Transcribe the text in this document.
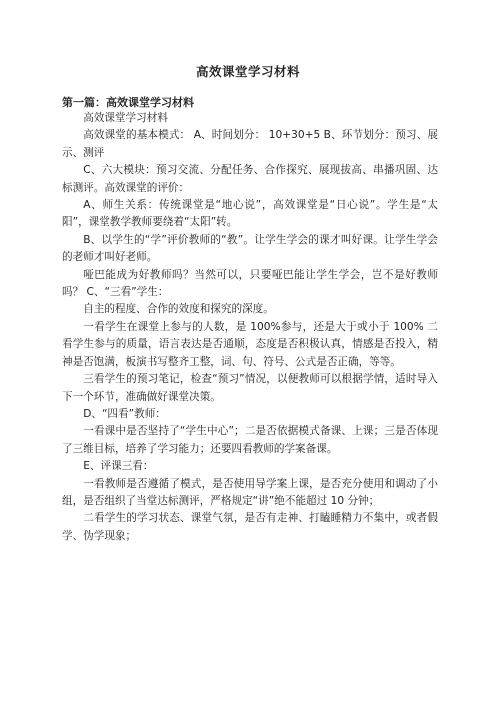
高效课堂学习材料
第一篇：高效课堂学习材料

高效课堂学习材料

高效课堂的基本模式： A、时间划分： 10+30+5 B、环节划分：预习、展示、测评

C、六大模块：预习交流、分配任务、合作探究、展现拔高、串播巩固、达标测评。高效课堂的评价：

A、师生关系：传统课堂是“地心说”，高效课堂是“日心说”。学生是“太阳”，课堂教学教师要绕着“太阳”转。

B、以学生的“学”评价教师的“教”。让学生学会的课才叫好课。让学生学会的老师才叫好老师。

哑巴能成为好教师吗？当然可以，只要哑巴能让学生学会，岂不是好教师吗？ C、“三看”学生：

自主的程度、合作的效度和探究的深度。

一看学生在课堂上参与的人数，是 100%参与，还是大于或小于 100% 二看学生参与的质量，语言表达是否通顺，态度是否积极认真，情感是否投入，精神是否饱满，板演书写整齐工整，词、句、符号、公式是否正确，等等。

三看学生的预习笔记，检查“预习”情况，以便教师可以根据学情，适时导入下一个环节，准确做好课堂决策。

D、“四看”教师：

一看课中是否坚持了“学生中心”；二是否依据模式备课、上课；三是否体现了三维目标，培养了学习能力；还要四看教师的学案备课。

E、评课三看：

一看教师是否遵循了模式，是否使用导学案上课，是否充分使用和调动了小组，是否组织了当堂达标测评，严格规定“讲”绝不能超过 10 分钟；

二看学生的学习状态、课堂气氛，是否有走神、打瞌睡精力不集中，或者假学、伪学现象；
